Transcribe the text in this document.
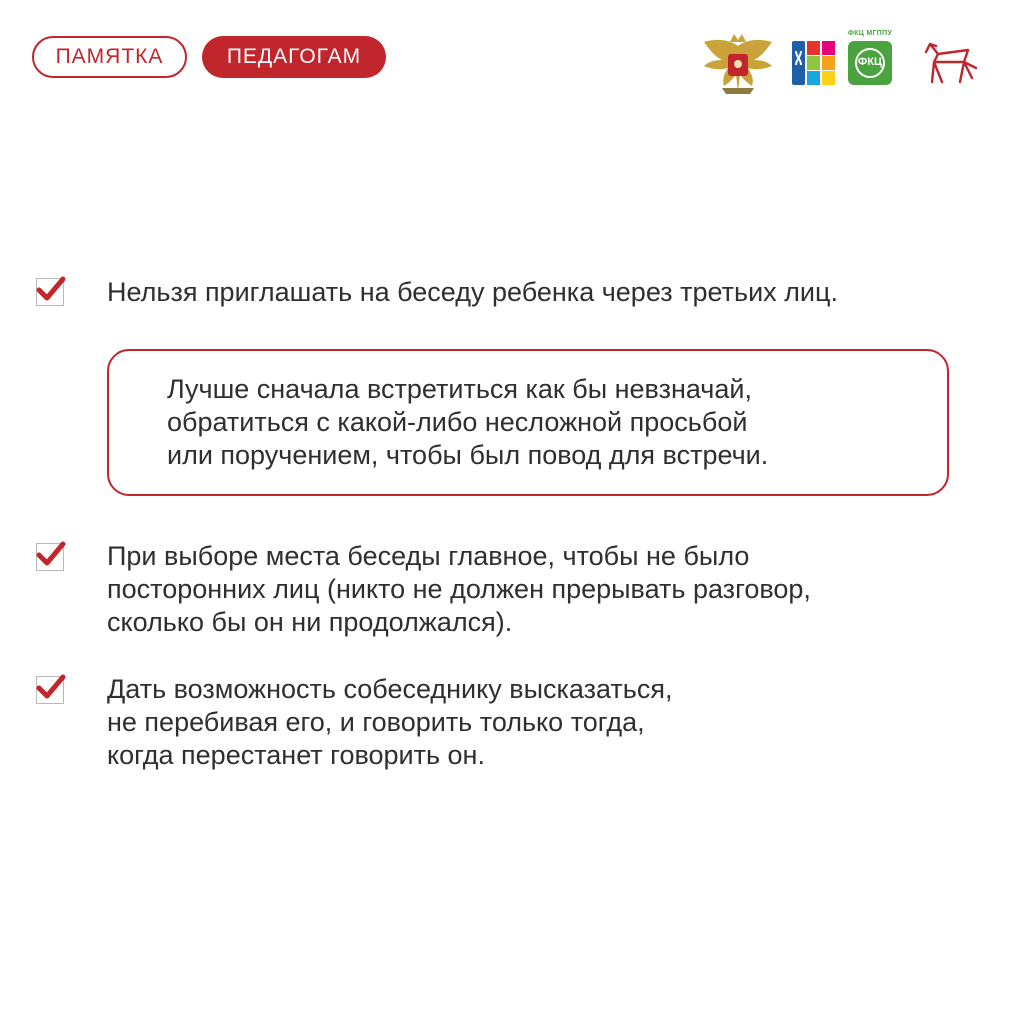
ПАМЯТКА	ПЕДАГОГАМ
ФКЦ МГППУ
ФКЦ
Нельзя приглашать на беседу ребенка через третьих лиц.
Лучше сначала встретиться как бы невзначай,
обратиться с какой-либо несложной просьбой
или поручением, чтобы был повод для встречи.
При выборе места беседы главное, чтобы не было
посторонних лиц (никто не должен прерывать разговор,
сколько бы он ни продолжался).
Дать возможность собеседнику высказаться,
не перебивая его, и говорить только тогда,
когда перестанет говорить он.
